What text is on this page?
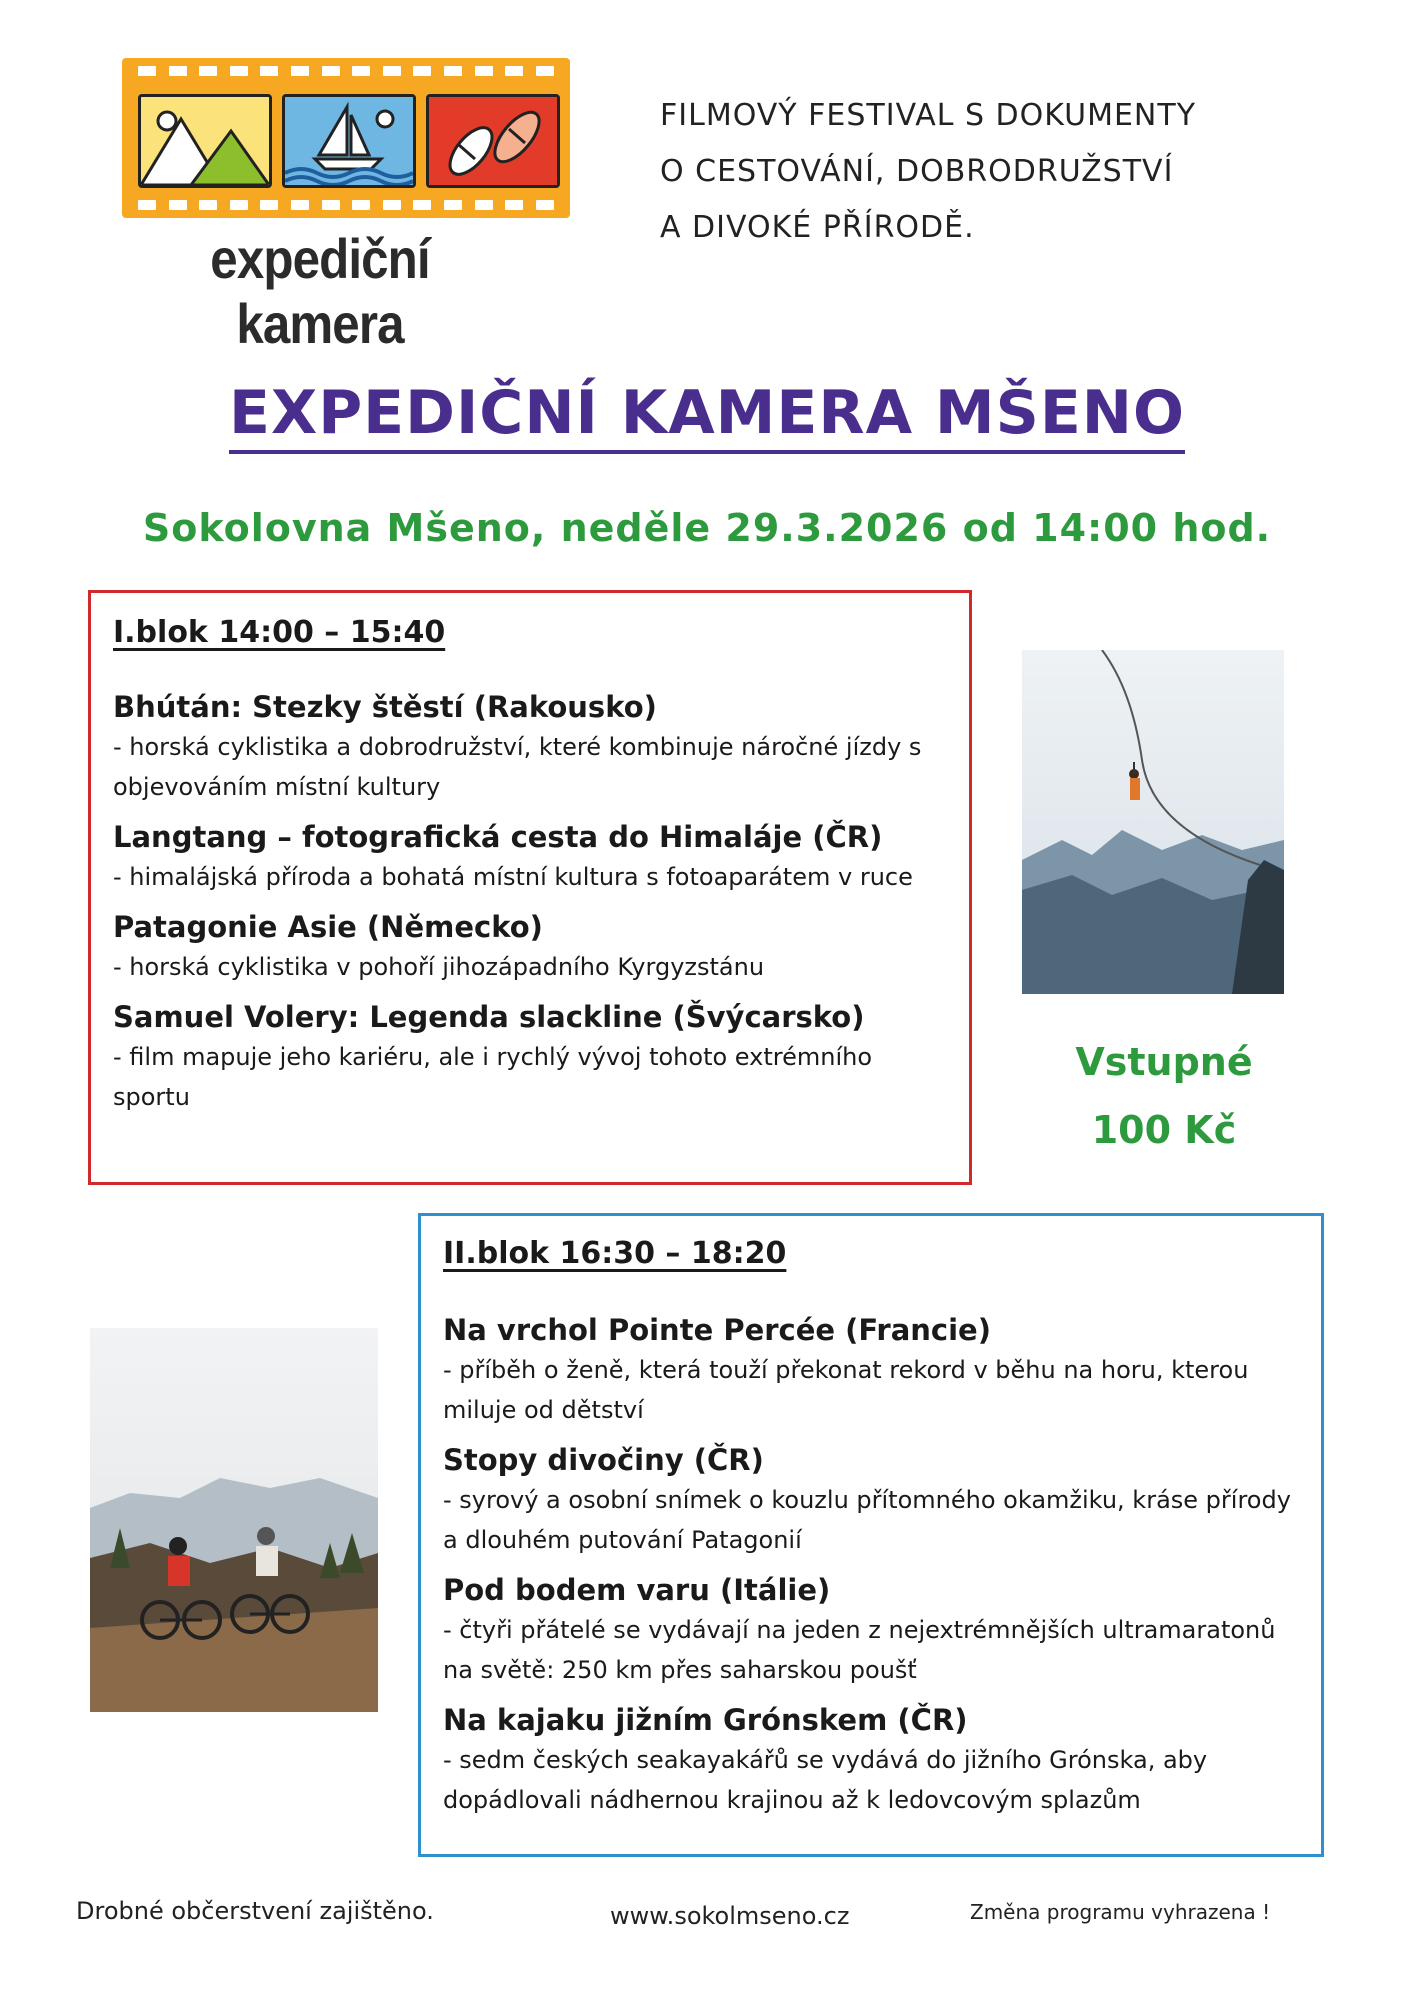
expediční kamera
FILMOVÝ FESTIVAL S DOKUMENTY
O CESTOVÁNÍ, DOBRODRUŽSTVÍ
A DIVOKÉ PŘÍRODĚ.
EXPEDIČNÍ KAMERA MŠENO
Sokolovna Mšeno, neděle 29.3.2026 od 14:00 hod.
I.blok 14:00 – 15:40

Bhútán: Stezky štěstí (Rakousko)

- horská cyklistika a dobrodružství, které kombinuje náročné jízdy s objevováním místní kultury

Langtang – fotografická cesta do Himaláje (ČR)

- himalájská příroda a bohatá místní kultura s fotoaparátem v ruce

Patagonie Asie (Německo)

- horská cyklistika v pohoří jihozápadního Kyrgyzstánu

Samuel Volery: Legenda slackline (Švýcarsko)

- film mapuje jeho kariéru, ale i rychlý vývoj tohoto extrémního sportu

Vstupné
100 Kč
II.blok 16:30 – 18:20

Na vrchol Pointe Percée (Francie)

- příběh o ženě, která touží překonat rekord v běhu na horu, kterou miluje od dětství

Stopy divočiny (ČR)

- syrový a osobní snímek o kouzlu přítomného okamžiku, kráse přírody a dlouhém putování Patagonií

Pod bodem varu (Itálie)

- čtyři přátelé se vydávají na jeden z nejextrémnějších ultramaratonů na světě: 250 km přes saharskou poušť

Na kajaku jižním Grónskem (ČR)

- sedm českých seakayakářů se vydává do jižního Grónska, aby dopádlovali nádhernou krajinou až k ledovcovým splazům

Drobné občerstvení zajištěno.	www.sokolmseno.cz	Změna programu vyhrazena !
